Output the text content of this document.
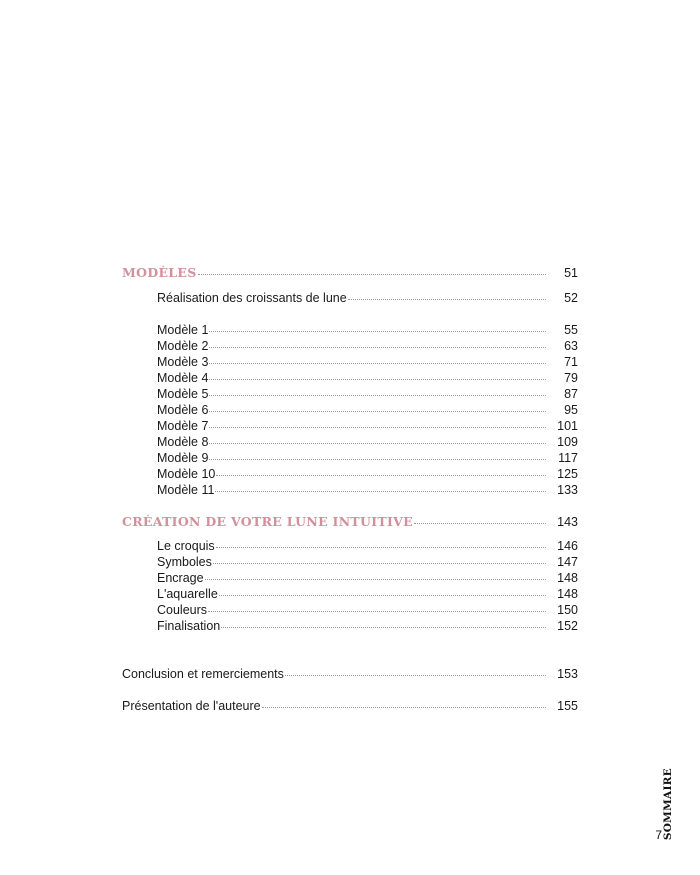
MODÈLES	51
Réalisation des croissants de lune	52
Modèle 1	55
Modèle 2	63
Modèle 3	71
Modèle 4	79
Modèle 5	87
Modèle 6	95
Modèle 7	101
Modèle 8	109
Modèle 9	117
Modèle 10	125
Modèle 11	133
CRÉATION DE VOTRE LUNE INTUITIVE	143
Le croquis	146
Symboles	147
Encrage	148
L'aquarelle	148
Couleurs	150
Finalisation	152
Conclusion et remerciements	153
Présentation de l'auteure	155
SOMMAIRE
7
